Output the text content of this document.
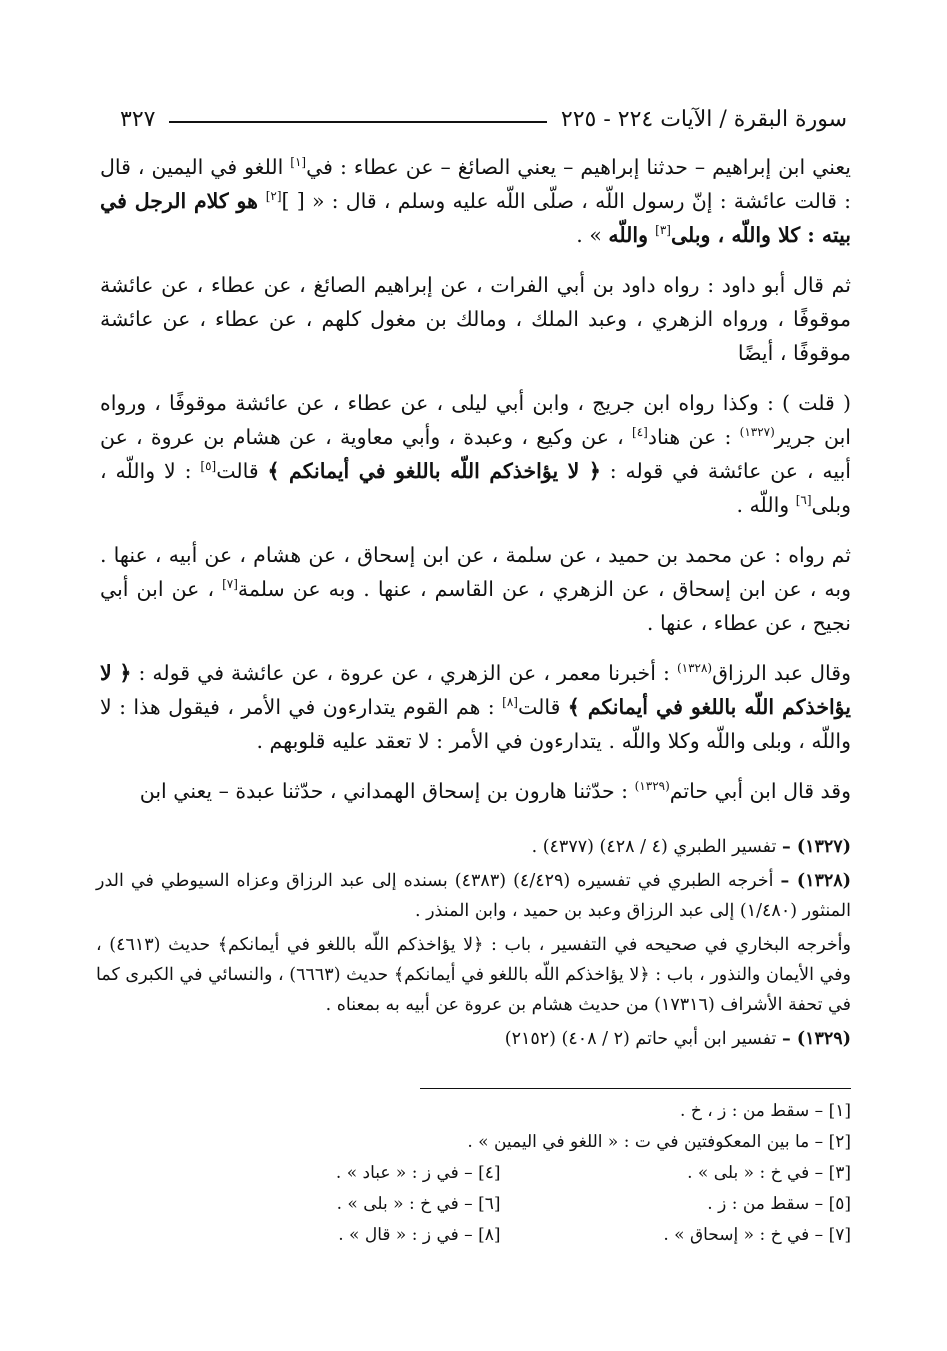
سورة البقرة / الآيات ٢٢٤ - ٢٢٥
٣٢٧

يعني ابن إبراهيم – حدثنا إبراهيم – يعني الصائغ – عن عطاء : في[١] اللغو في اليمين ، قال : قالت عائشة : إنّ رسول اللّه ، صلّى اللّه عليه وسلم ، قال : « [ ][٢] هو كلام الرجل في بيته : كلا واللّه ، وبلى[٣] واللّه » .

ثم قال أبو داود : رواه داود بن أبي الفرات ، عن إبراهيم الصائغ ، عن عطاء ، عن عائشة موقوفًا ، ورواه الزهري ، وعبد الملك ، ومالك بن مغول كلهم ، عن عطاء ، عن عائشة موقوفًا ، أيضًا

( قلت ) : وكذا رواه ابن جريج ، وابن أبي ليلى ، عن عطاء ، عن عائشة موقوفًا ، ورواه ابن جرير$^{(١٣٢٧)}$ : عن هناد[٤] ، عن وكيع ، وعبدة ، وأبي معاوية ، عن هشام بن عروة ، عن أبيه ، عن عائشة في قوله : ﴿ لا يؤاخذكم اللّه باللغو في أيمانكم ﴾ قالت[٥] : لا واللّه ، وبلى[٦] واللّه .

ثم رواه : عن محمد بن حميد ، عن سلمة ، عن ابن إسحاق ، عن هشام ، عن أبيه ، عنها . وبه ، عن ابن إسحاق ، عن الزهري ، عن القاسم ، عنها . وبه عن سلمة[٧] ، عن ابن أبي نجيح ، عن عطاء ، عنها .

وقال عبد الرزاق$^{(١٣٢٨)}$ : أخبرنا معمر ، عن الزهري ، عن عروة ، عن عائشة في قوله : ﴿ لا يؤاخذكم اللّه باللغو في أيمانكم ﴾ قالت[٨] : هم القوم يتدارءون في الأمر ، فيقول هذا : لا واللّه ، وبلى واللّه وكلا واللّه . يتدارءون في الأمر : لا تعقد عليه قلوبهم .

وقد قال ابن أبي حاتم$^{(١٣٢٩)}$ : حدّثنا هارون بن إسحاق الهمداني ، حدّثنا عبدة – يعني ابن

(١٣٢٧) – تفسير الطبري (٤ / ٤٢٨) (٤٣٧٧) .

(١٣٢٨) – أخرجه الطبري في تفسيره (٤/٤٢٩) (٤٣٨٣) بسنده إلى عبد الرزاق وعزاه السيوطي في الدر المنثور (١/٤٨٠) إلى عبد الرزاق وعبد بن حميد ، وابن المنذر .

وأخرجه البخاري في صحيحه في التفسير ، باب : ﴿لا يؤاخذكم اللّه باللغو في أيمانكم﴾ حديث (٤٦١٣) ، وفي الأيمان والنذور ، باب : ﴿لا يؤاخذكم اللّه باللغو في أيمانكم﴾ حديث (٦٦٦٣) ، والنسائي في الكبرى كما في تحفة الأشراف (١٧٣١٦) من حديث هشام بن عروة عن أبيه به بمعناه .

(١٣٢٩) – تفسير ابن أبي حاتم (٢ / ٤٠٨) (٢١٥٢)

[١] – سقط من : ز ، خ .
[٢] – ما بين المعكوفتين في ت : « اللغو في اليمين » .
[٣] – في خ : « بلى » .
[٤] – في ز : « عباد » .
[٥] – سقط من : ز .
[٦] – في خ : « بلى » .
[٧] – في خ : « إسحاق » .
[٨] – في ز : « قال » .
